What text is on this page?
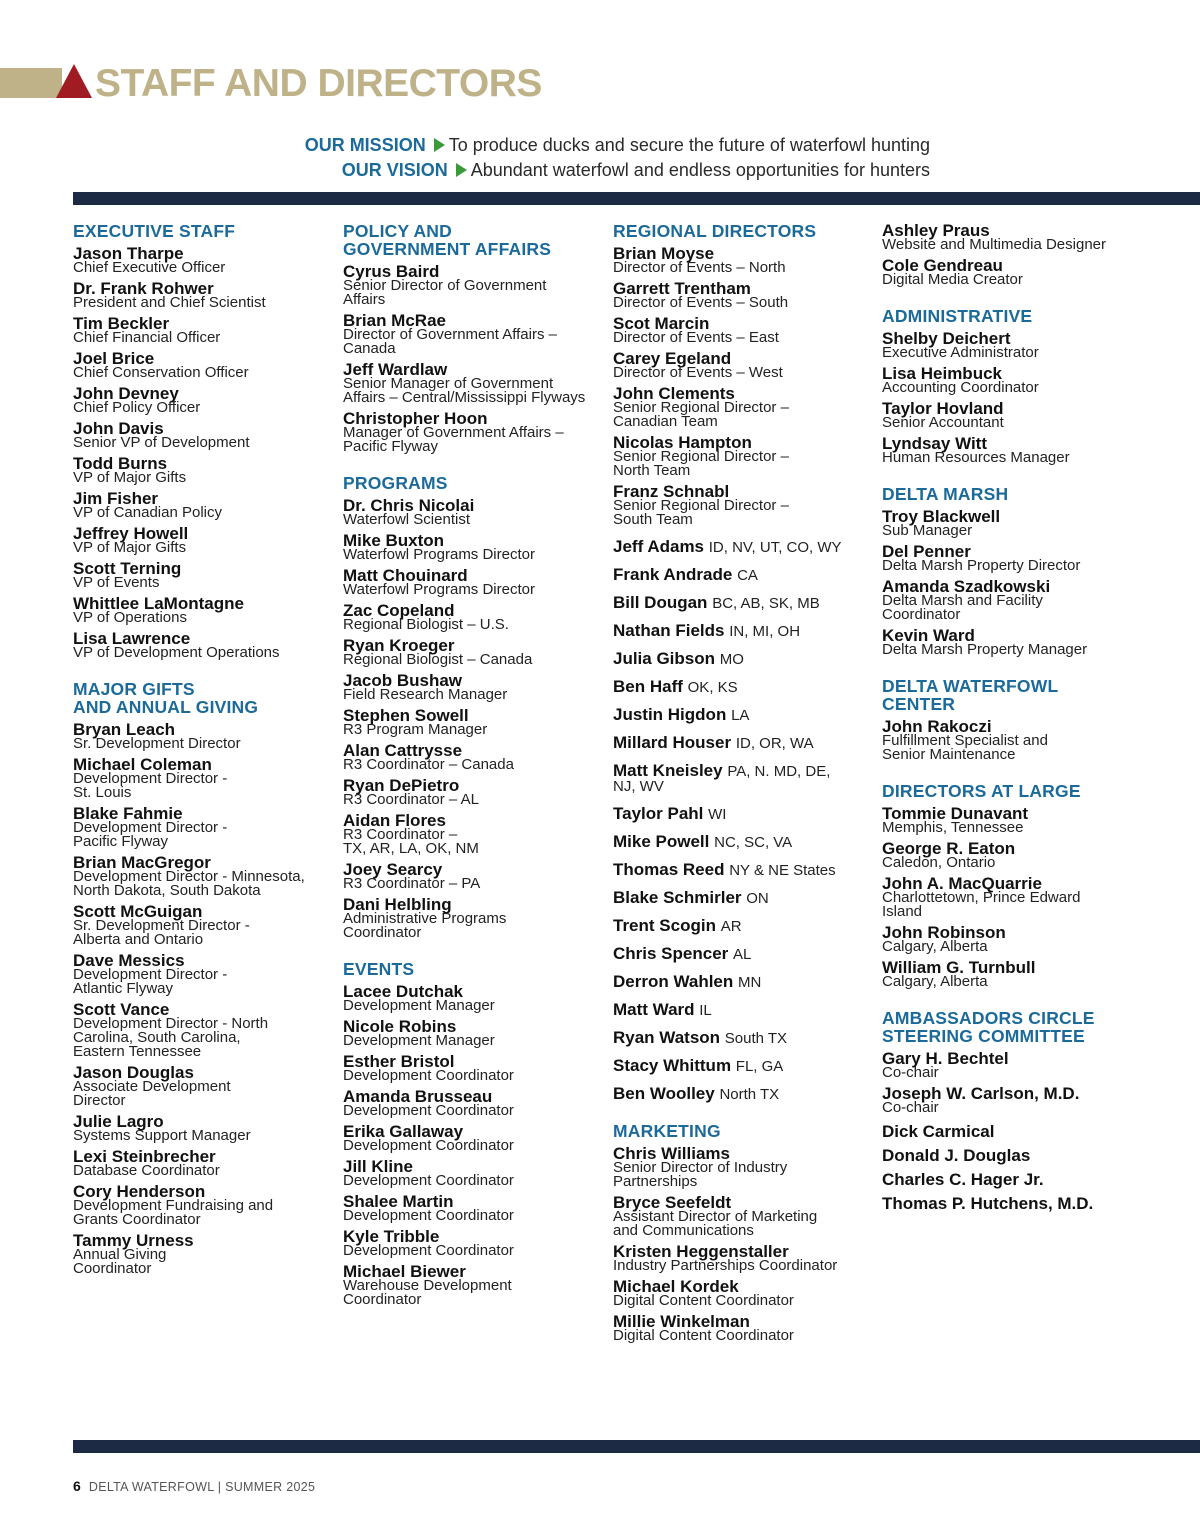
STAFF AND DIRECTORS
OUR MISSION To produce ducks and secure the future of waterfowl hunting
OUR VISION Abundant waterfowl and endless opportunities for hunters
EXECUTIVE STAFF
Jason Tharpe
Chief Executive Officer
Dr. Frank Rohwer
President and Chief Scientist
Tim Beckler
Chief Financial Officer
Joel Brice
Chief Conservation Officer
John Devney
Chief Policy Officer
John Davis
Senior VP of Development
Todd Burns
VP of Major Gifts
Jim Fisher
VP of Canadian Policy
Jeffrey Howell
VP of Major Gifts
Scott Terning
VP of Events
Whittlee LaMontagne
VP of Operations
Lisa Lawrence
VP of Development Operations
MAJOR GIFTS
AND ANNUAL GIVING
Bryan Leach
Sr. Development Director
Michael Coleman
Development Director -
St. Louis
Blake Fahmie
Development Director -
Pacific Flyway
Brian MacGregor
Development Director - Minnesota,
North Dakota, South Dakota
Scott McGuigan
Sr. Development Director -
Alberta and Ontario
Dave Messics
Development Director -
Atlantic Flyway
Scott Vance
Development Director - North
Carolina, South Carolina,
Eastern Tennessee
Jason Douglas
Associate Development
Director
Julie Lagro
Systems Support Manager
Lexi Steinbrecher
Database Coordinator
Cory Henderson
Development Fundraising and
Grants Coordinator
Tammy Urness
Annual Giving
Coordinator
POLICY AND
GOVERNMENT AFFAIRS
Cyrus Baird
Senior Director of Government
Affairs
Brian McRae
Director of Government Affairs –
Canada
Jeff Wardlaw
Senior Manager of Government
Affairs – Central/Mississippi Flyways
Christopher Hoon
Manager of Government Affairs –
Pacific Flyway
PROGRAMS
Dr. Chris Nicolai
Waterfowl Scientist
Mike Buxton
Waterfowl Programs Director
Matt Chouinard
Waterfowl Programs Director
Zac Copeland
Regional Biologist – U.S.
Ryan Kroeger
Regional Biologist – Canada
Jacob Bushaw
Field Research Manager
Stephen Sowell
R3 Program Manager
Alan Cattrysse
R3 Coordinator – Canada
Ryan DePietro
R3 Coordinator – AL
Aidan Flores
R3 Coordinator –
TX, AR, LA, OK, NM
Joey Searcy
R3 Coordinator – PA
Dani Helbling
Administrative Programs
Coordinator
EVENTS
Lacee Dutchak
Development Manager
Nicole Robins
Development Manager
Esther Bristol
Development Coordinator
Amanda Brusseau
Development Coordinator
Erika Gallaway
Development Coordinator
Jill Kline
Development Coordinator
Shalee Martin
Development Coordinator
Kyle Tribble
Development Coordinator
Michael Biewer
Warehouse Development
Coordinator
REGIONAL DIRECTORS
Brian Moyse
Director of Events – North
Garrett Trentham
Director of Events – South
Scot Marcin
Director of Events – East
Carey Egeland
Director of Events – West
John Clements
Senior Regional Director –
Canadian Team
Nicolas Hampton
Senior Regional Director –
North Team
Franz Schnabl
Senior Regional Director –
South Team
Jeff Adams ID, NV, UT, CO, WY
Frank Andrade CA
Bill Dougan BC, AB, SK, MB
Nathan Fields IN, MI, OH
Julia Gibson MO
Ben Haff OK, KS
Justin Higdon LA
Millard Houser ID, OR, WA
Matt Kneisley PA, N. MD, DE,
NJ, WV
Taylor Pahl WI
Mike Powell NC, SC, VA
Thomas Reed NY & NE States
Blake Schmirler ON
Trent Scogin AR
Chris Spencer AL
Derron Wahlen MN
Matt Ward IL
Ryan Watson South TX
Stacy Whittum FL, GA
Ben Woolley North TX
MARKETING
Chris Williams
Senior Director of Industry
Partnerships
Bryce Seefeldt
Assistant Director of Marketing
and Communications
Kristen Heggenstaller
Industry Partnerships Coordinator
Michael Kordek
Digital Content Coordinator
Millie Winkelman
Digital Content Coordinator
Ashley Praus
Website and Multimedia Designer
Cole Gendreau
Digital Media Creator
ADMINISTRATIVE
Shelby Deichert
Executive Administrator
Lisa Heimbuck
Accounting Coordinator
Taylor Hovland
Senior Accountant
Lyndsay Witt
Human Resources Manager
DELTA MARSH
Troy Blackwell
Sub Manager
Del Penner
Delta Marsh Property Director
Amanda Szadkowski
Delta Marsh and Facility
Coordinator
Kevin Ward
Delta Marsh Property Manager
DELTA WATERFOWL
CENTER
John Rakoczi
Fulfillment Specialist and
Senior Maintenance
DIRECTORS AT LARGE
Tommie Dunavant
Memphis, Tennessee
George R. Eaton
Caledon, Ontario
John A. MacQuarrie
Charlottetown, Prince Edward
Island
John Robinson
Calgary, Alberta
William G. Turnbull
Calgary, Alberta
AMBASSADORS CIRCLE
STEERING COMMITTEE
Gary H. Bechtel
Co-chair
Joseph W. Carlson, M.D.
Co-chair
Dick Carmical
Donald J. Douglas
Charles C. Hager Jr.
Thomas P. Hutchens, M.D.
6 DELTA WATERFOWL | SUMMER 2025
